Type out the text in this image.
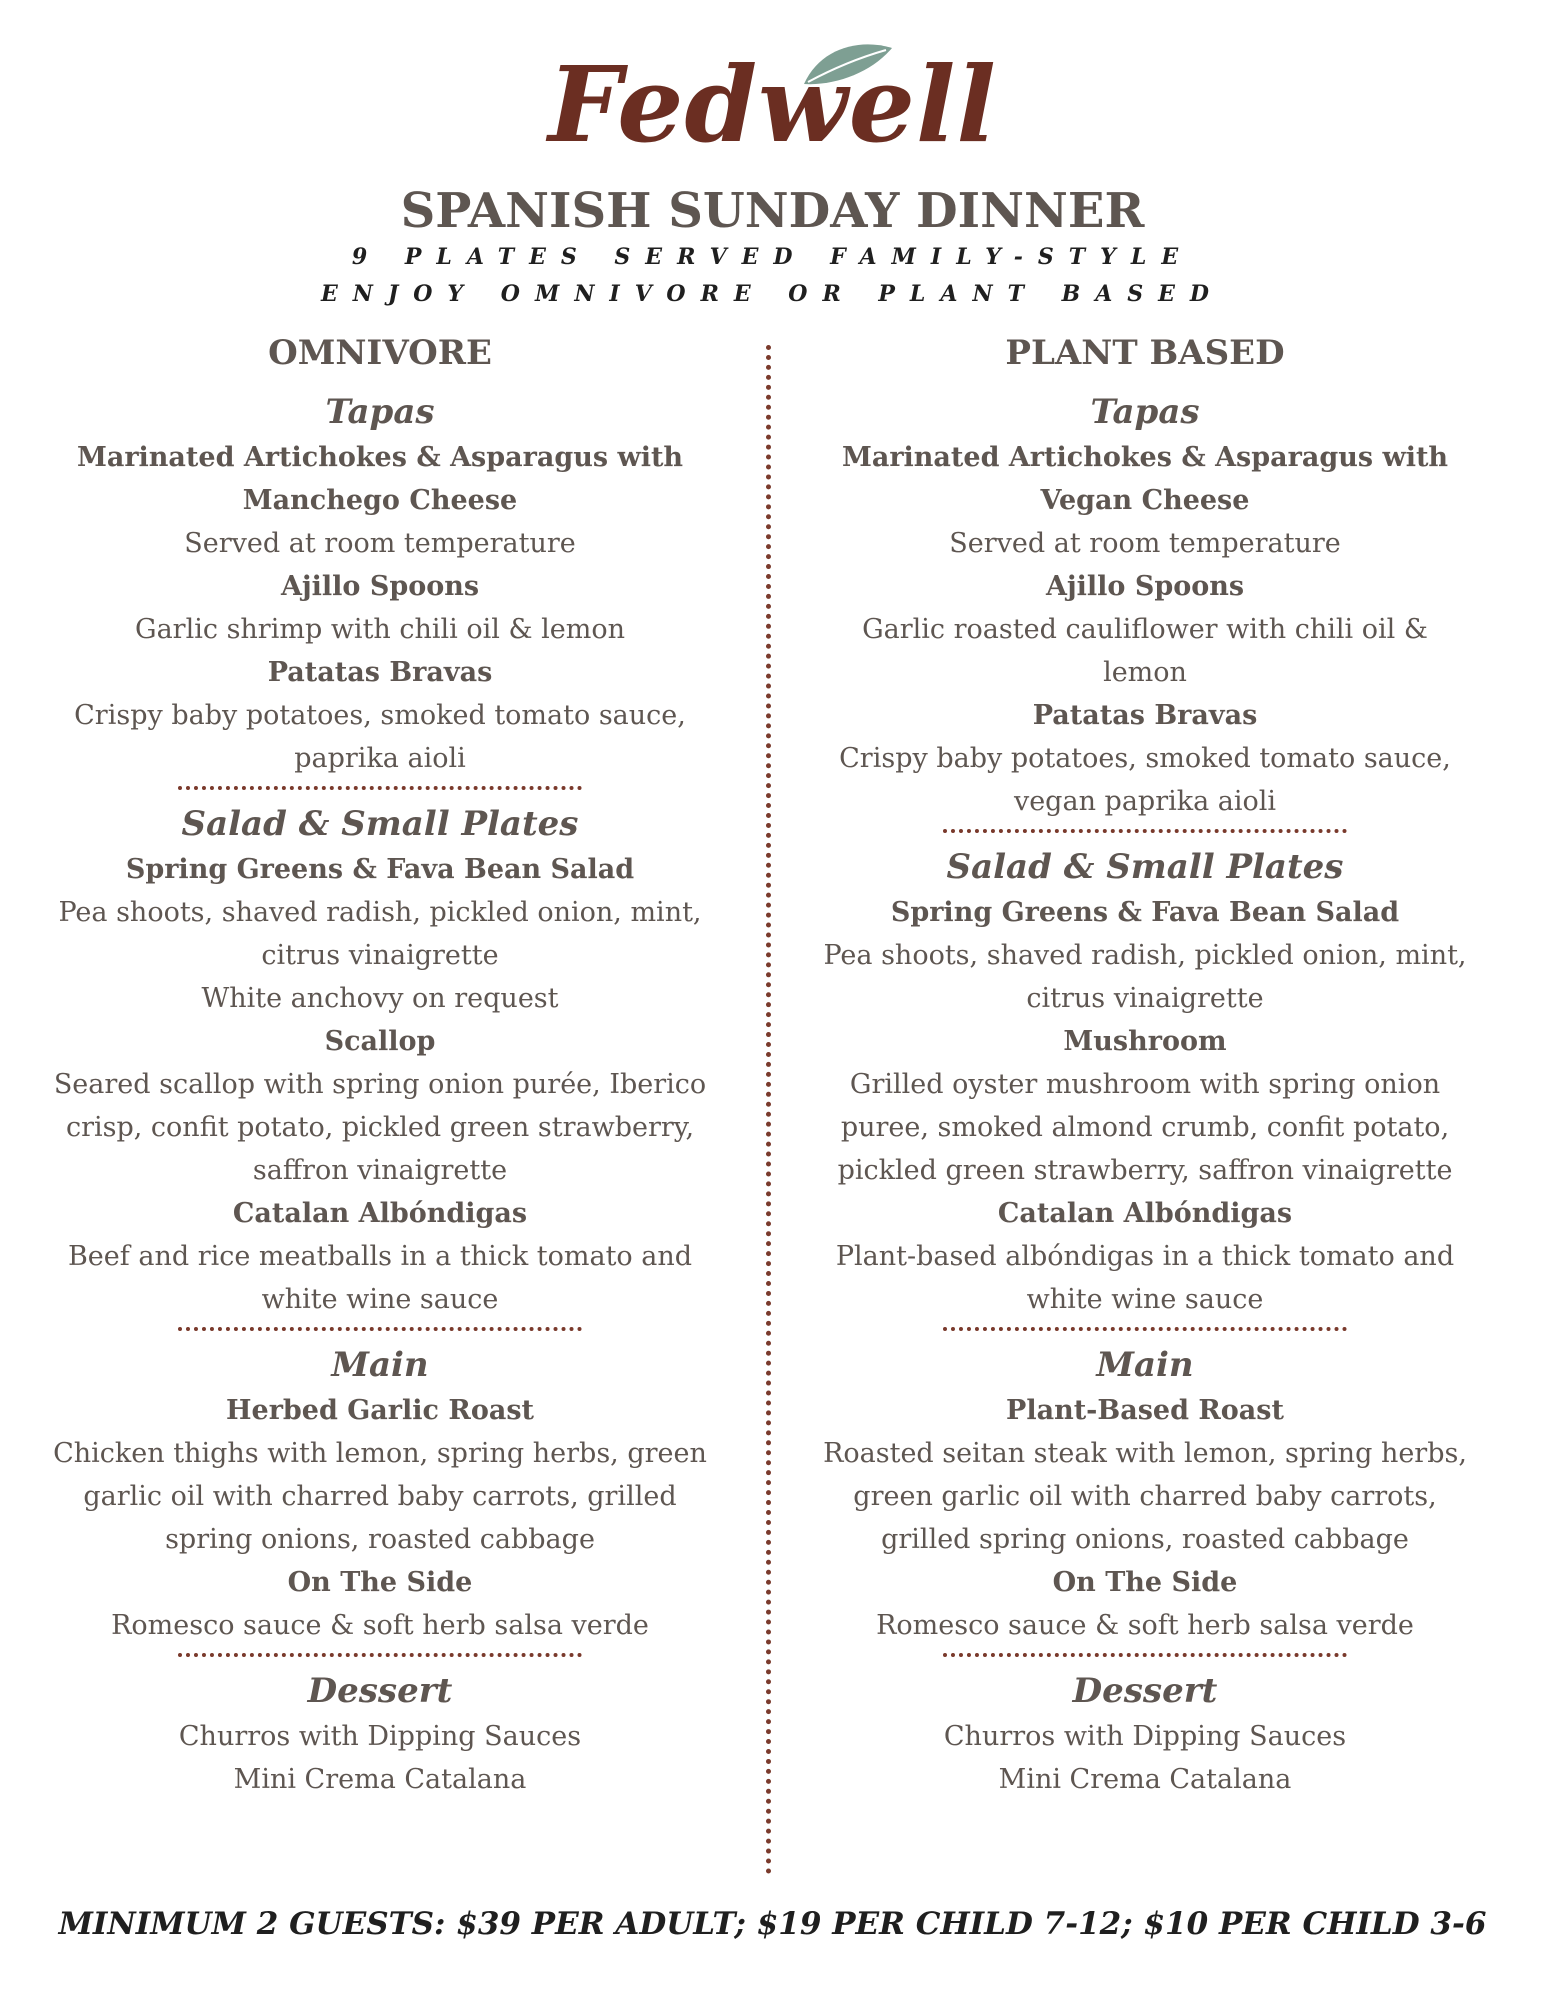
Fedwell
SPANISH SUNDAY DINNER
9 PLATES SERVED FAMILY-STYLE
ENJOY OMNIVORE OR PLANT BASED
OMNIVORE
Tapas
Marinated Artichokes & Asparagus with
Manchego Cheese
Served at room temperature
Ajillo Spoons
Garlic shrimp with chili oil & lemon
Patatas Bravas
Crispy baby potatoes, smoked tomato sauce,
paprika aioli
Salad & Small Plates
Spring Greens & Fava Bean Salad
Pea shoots, shaved radish, pickled onion, mint,
citrus vinaigrette
White anchovy on request
Scallop
Seared scallop with spring onion purée, Iberico
crisp, confit potato, pickled green strawberry,
saffron vinaigrette
Catalan Albóndigas
Beef and rice meatballs in a thick tomato and
white wine sauce
Main
Herbed Garlic Roast
Chicken thighs with lemon, spring herbs, green
garlic oil with charred baby carrots, grilled
spring onions, roasted cabbage
On The Side
Romesco sauce & soft herb salsa verde
Dessert
Churros with Dipping Sauces
Mini Crema Catalana
PLANT BASED
Tapas
Marinated Artichokes & Asparagus with
Vegan Cheese
Served at room temperature
Ajillo Spoons
Garlic roasted cauliflower with chili oil &
lemon
Patatas Bravas
Crispy baby potatoes, smoked tomato sauce,
vegan paprika aioli
Salad & Small Plates
Spring Greens & Fava Bean Salad
Pea shoots, shaved radish, pickled onion, mint,
citrus vinaigrette
Mushroom
Grilled oyster mushroom with spring onion
puree, smoked almond crumb, confit potato,
pickled green strawberry, saffron vinaigrette
Catalan Albóndigas
Plant-based albóndigas in a thick tomato and
white wine sauce
Main
Plant-Based Roast
Roasted seitan steak with lemon, spring herbs,
green garlic oil with charred baby carrots,
grilled spring onions, roasted cabbage
On The Side
Romesco sauce & soft herb salsa verde
Dessert
Churros with Dipping Sauces
Mini Crema Catalana
MINIMUM 2 GUESTS: $39 PER ADULT; $19 PER CHILD 7-12; $10 PER CHILD 3-6
